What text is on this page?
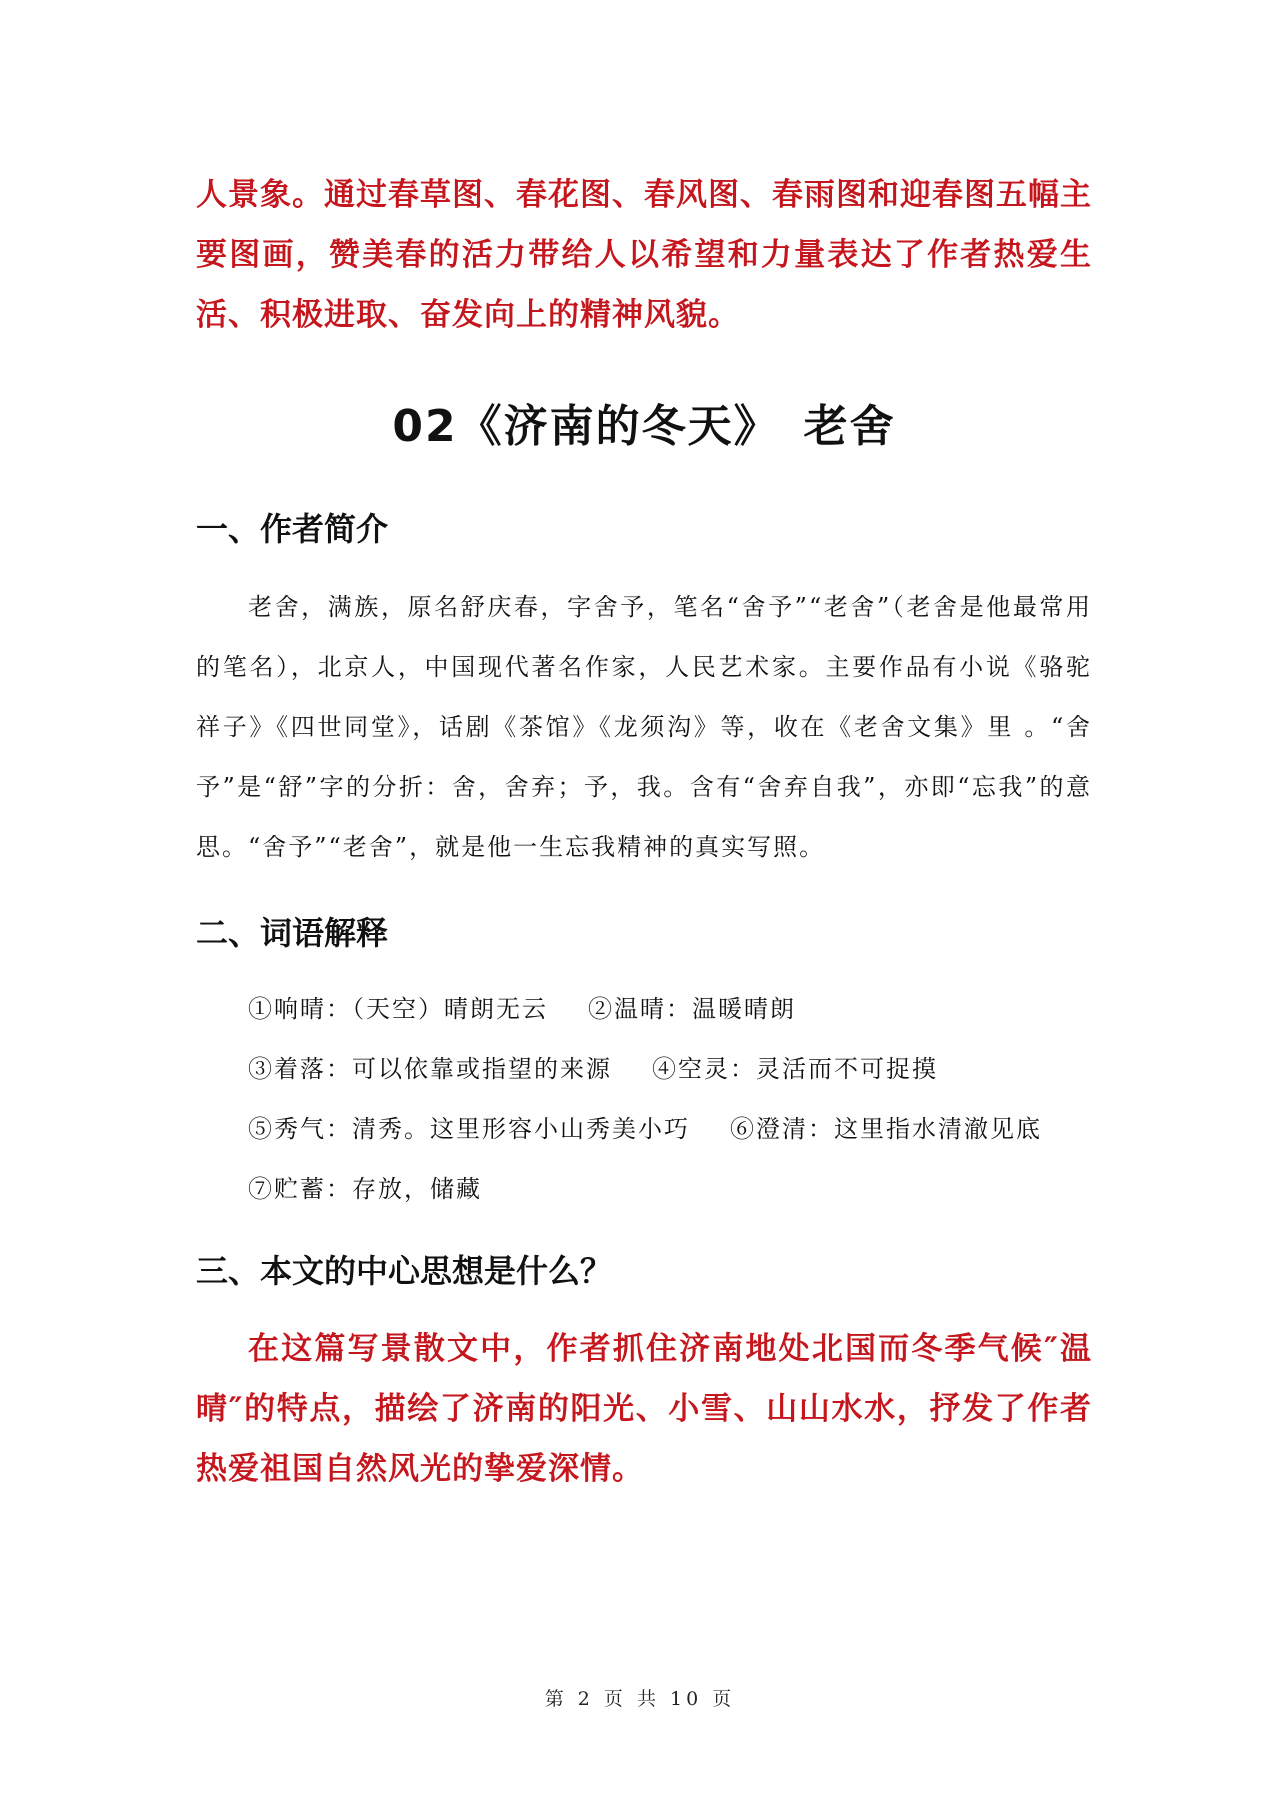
人景象。通过春草图、春花图、春风图、春雨图和迎春图五幅主要图画，赞美春的活力带给人以希望和力量表达了作者热爱生活、积极进取、奋发向上的精神风貌。

02《济南的冬天》　老舍
一、作者简介

老舍，满族，原名舒庆春，字舍予，笔名“舍予”“老舍”（老舍是他最常用的笔名），北京人，中国现代著名作家，人民艺术家。主要作品有小说《骆驼祥子》《四世同堂》，话剧《茶馆》《龙须沟》等，收在《老舍文集》里 。“舍予”是“舒”字的分折：舍，舍弃；予，我。含有“舍弃自我”，亦即“忘我”的意思。“舍予”“老舍”，就是他一生忘我精神的真实写照。

二、词语解释
①响晴：（天空）晴朗无云 ②温晴：温暖晴朗
③着落：可以依靠或指望的来源 ④空灵：灵活而不可捉摸
⑤秀气：清秀。这里形容小山秀美小巧 ⑥澄清：这里指水清澈见底
⑦贮蓄：存放，储藏
三、本文的中心思想是什么？

在这篇写景散文中，作者抓住济南地处北国而冬季气候″温晴″的特点，描绘了济南的阳光、小雪、山山水水，抒发了作者热爱祖国自然风光的挚爱深情。

第 2 页 共 10 页
